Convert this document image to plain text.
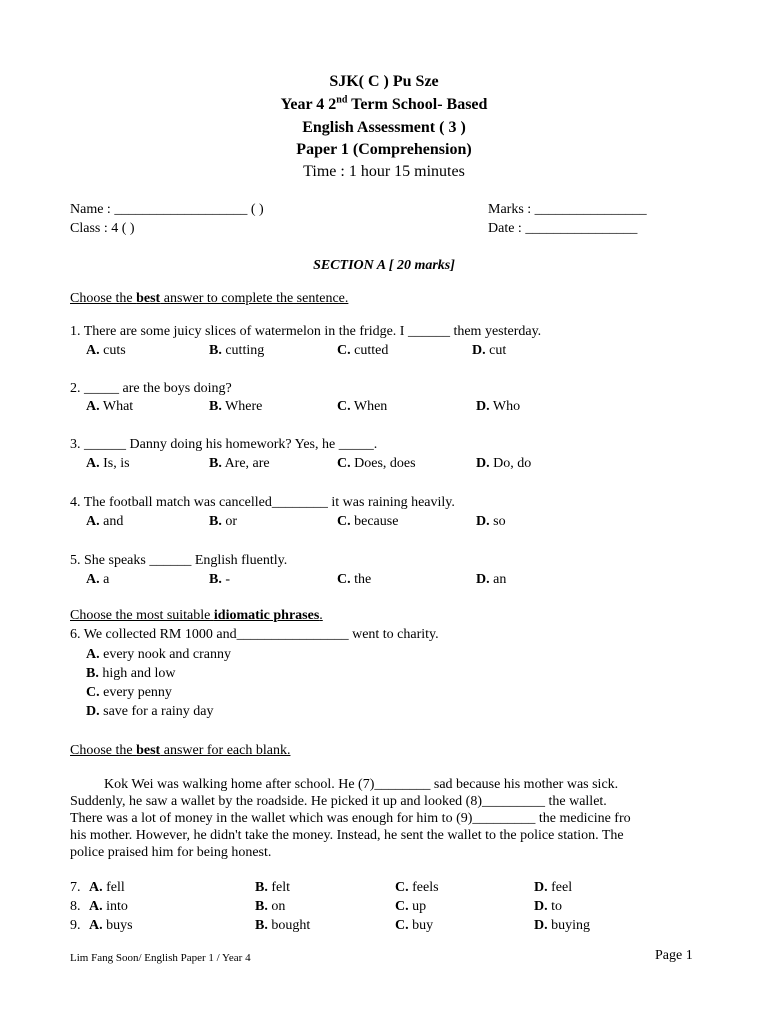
SJK( C ) Pu Sze
Year 4 2nd Term School- Based
English Assessment ( 3 )
Paper 1 (Comprehension)
Time : 1 hour 15 minutes
Name : ___________________ ( )
Class : 4 ( )
Marks : ________________
Date : ________________
SECTION A [ 20 marks]
Choose the best answer to complete the sentence.
1. There are some juicy slices of watermelon in the fridge. I ______ them yesterday.
A. cuts	B. cutting	C. cutted	D. cut
2. _____ are the boys doing?
A. What	B. Where	C. When	D. Who
3. ______ Danny doing his homework? Yes, he _____.
A. Is, is	B. Are, are	C. Does, does	D. Do, do
4. The football match was cancelled________ it was raining heavily.
A. and	B. or	C. because	D. so
5. She speaks ______ English fluently.
A. a	B. -	C. the	D. an
Choose the most suitable idiomatic phrases.
6. We collected RM 1000 and________________ went to charity.
A. every nook and cranny
B. high and low
C. every penny
D. save for a rainy day
Choose the best answer for each blank.
Kok Wei was walking home after school. He (7)________ sad because his mother was sick.
Suddenly, he saw a wallet by the roadside. He picked it up and looked (8)_________ the wallet.
There was a lot of money in the wallet which was enough for him to (9)_________ the medicine fro
his mother. However, he didn't take the money. Instead, he sent the wallet to the police station. The
police praised him for being honest.
7. A. fell	B. felt	C. feels	D. feel
8. A. into	B. on	C. up	D. to
9. A. buys	B. bought	C. buy	D. buying
Lim Fang Soon/ English Paper 1 / Year 4	Page 1
